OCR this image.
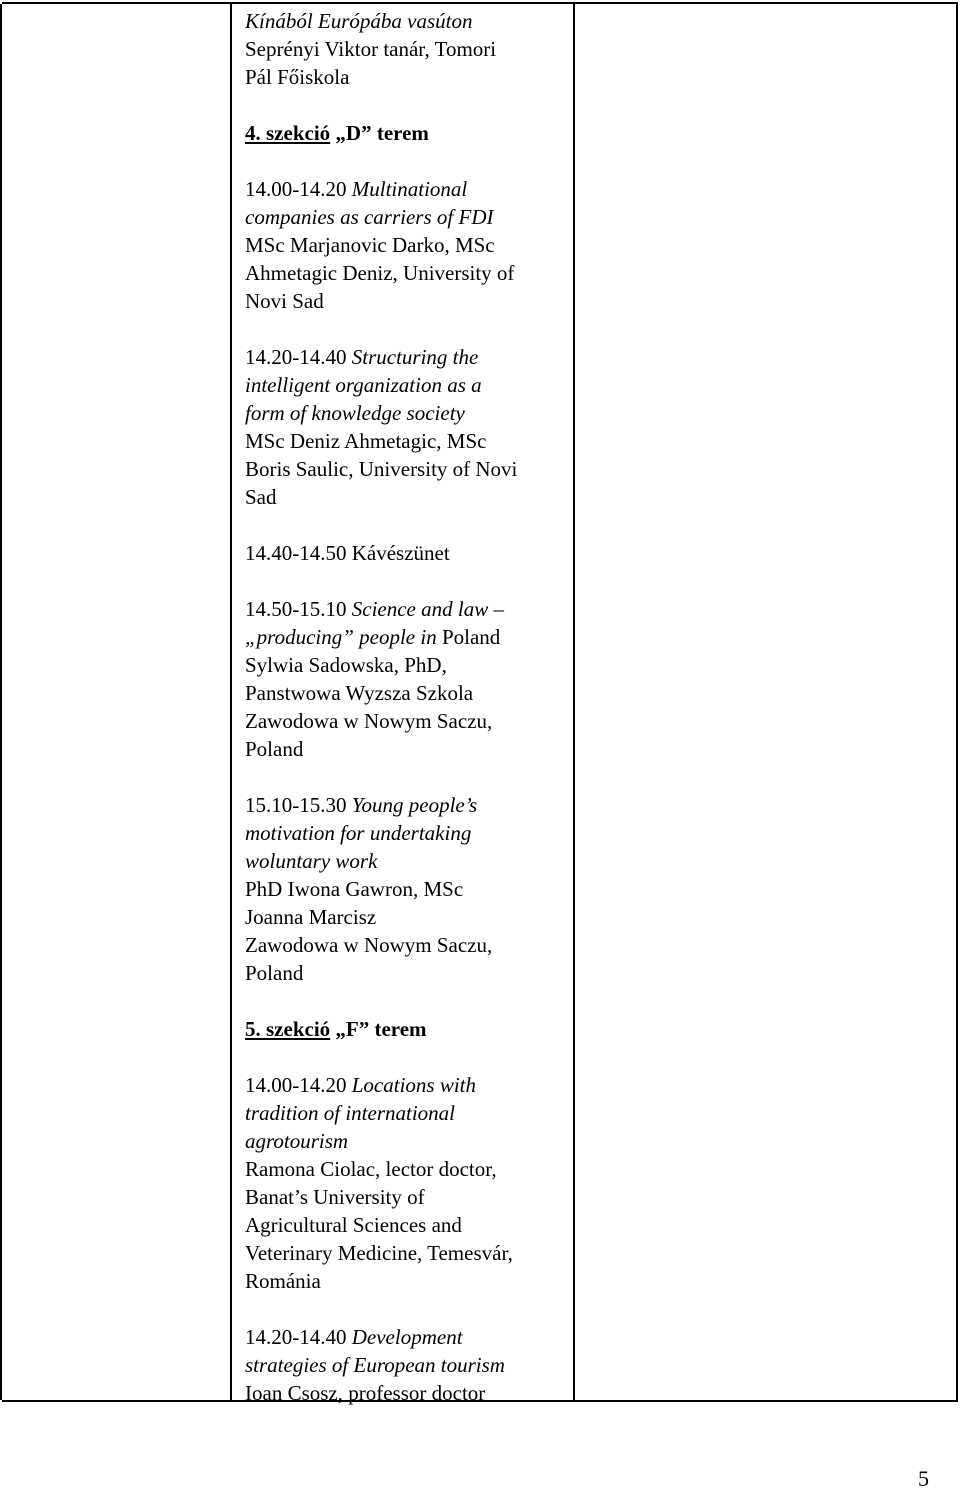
Kínából Európába vasúton
Seprényi Viktor tanár, Tomori
Pál Főiskola
4. szekció „D” terem
14.00-14.20 Multinational
companies as carriers of FDI
MSc Marjanovic Darko, MSc
Ahmetagic Deniz, University of
Novi Sad
14.20-14.40 Structuring the
intelligent organization as a
form of knowledge society
MSc Deniz Ahmetagic, MSc
Boris Saulic, University of Novi
Sad
14.40-14.50 Kávészünet
14.50-15.10 Science and law –
„producing” people in Poland
Sylwia Sadowska, PhD,
Panstwowa Wyzsza Szkola
Zawodowa w Nowym Saczu,
Poland
15.10-15.30 Young people’s
motivation for undertaking
woluntary work
PhD Iwona Gawron, MSc
Joanna Marcisz
Zawodowa w Nowym Saczu,
Poland
5. szekció „F” terem
14.00-14.20 Locations with
tradition of international
agrotourism
Ramona Ciolac, lector doctor,
Banat’s University of
Agricultural Sciences and
Veterinary Medicine, Temesvár,
Románia
14.20-14.40 Development
strategies of European tourism
Ioan Csosz, professor doctor
5
